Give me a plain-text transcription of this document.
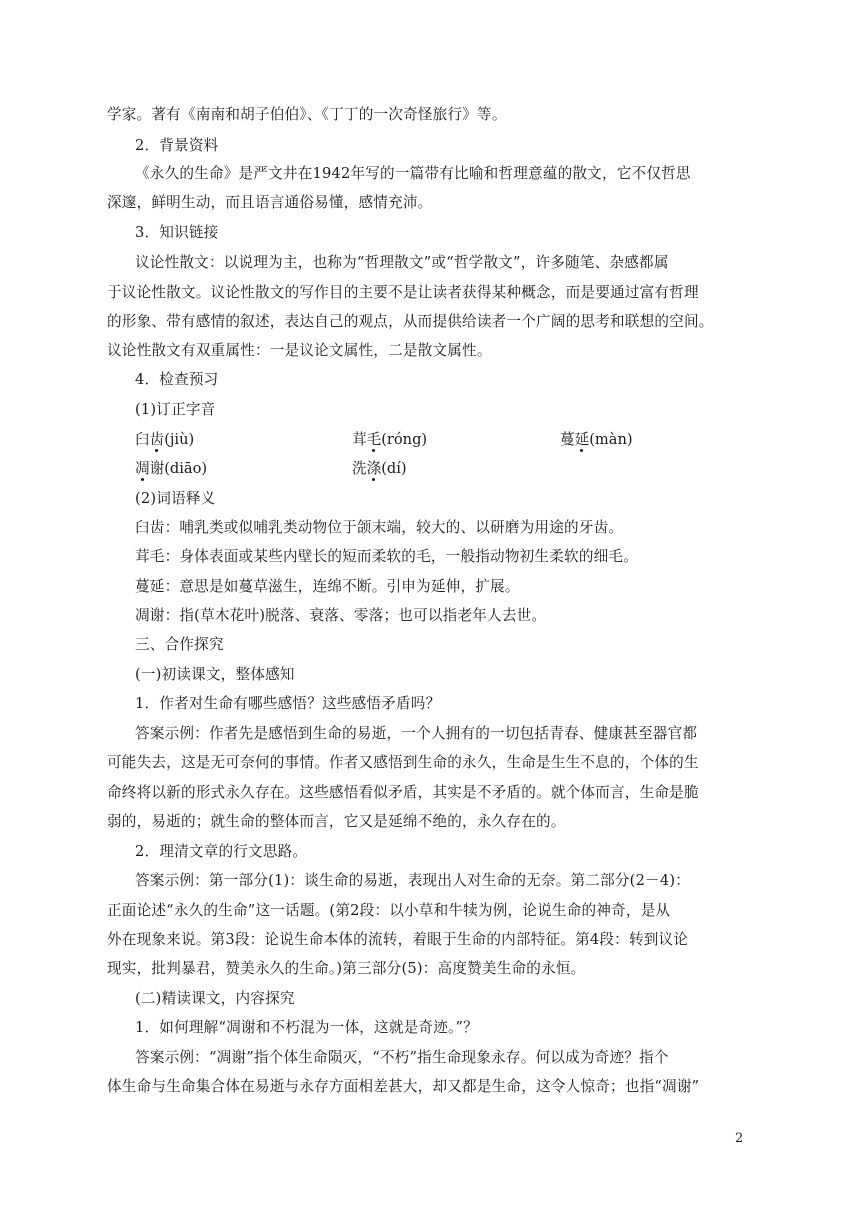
学家。著有《南南和胡子伯伯》、《丁丁的一次奇怪旅行》等。
2．背景资料
《永久的生命》是严文井在1942年写的一篇带有比喻和哲理意蕴的散文，它不仅哲思
深邃，鲜明生动，而且语言通俗易懂，感情充沛。
3．知识链接
议论性散文：以说理为主，也称为“哲理散文”或“哲学散文”，许多随笔、杂感都属
于议论性散文。议论性散文的写作目的主要不是让读者获得某种概念，而是要通过富有哲理
的形象、带有感情的叙述，表达自己的观点，从而提供给读者一个广阔的思考和联想的空间。
议论性散文有双重属性：一是议论文属性，二是散文属性。
4．检查预习
(1)订正字音
臼齿(jiù)	茸毛(róng)	蔓延(màn)
凋谢(diāo)	洗涤(dí)
(2)词语释义
臼齿：哺乳类或似哺乳类动物位于颌末端，较大的、以研磨为用途的牙齿。
茸毛：身体表面或某些内壁长的短而柔软的毛，一般指动物初生柔软的细毛。
蔓延：意思是如蔓草滋生，连绵不断。引申为延伸，扩展。
凋谢：指(草木花叶)脱落、衰落、零落；也可以指老年人去世。
三、合作探究
(一)初读课文，整体感知
1．作者对生命有哪些感悟？这些感悟矛盾吗？
答案示例：作者先是感悟到生命的易逝，一个人拥有的一切包括青春、健康甚至器官都
可能失去，这是无可奈何的事情。作者又感悟到生命的永久，生命是生生不息的，个体的生
命终将以新的形式永久存在。这些感悟看似矛盾，其实是不矛盾的。就个体而言，生命是脆
弱的，易逝的；就生命的整体而言，它又是延绵不绝的，永久存在的。
2．理清文章的行文思路。
答案示例：第一部分(1)：谈生命的易逝，表现出人对生命的无奈。第二部分(2－4)：
正面论述“永久的生命”这一话题。(第2段：以小草和牛犊为例，论说生命的神奇，是从
外在现象来说。第3段：论说生命本体的流转，着眼于生命的内部特征。第4段：转到议论
现实，批判暴君，赞美永久的生命。)第三部分(5)：高度赞美生命的永恒。
(二)精读课文，内容探究
1．如何理解“凋谢和不朽混为一体，这就是奇迹。”？
答案示例：“凋谢”指个体生命陨灭，“不朽”指生命现象永存。何以成为奇迹？指个
体生命与生命集合体在易逝与永存方面相差甚大，却又都是生命，这令人惊奇；也指“凋谢”
2
